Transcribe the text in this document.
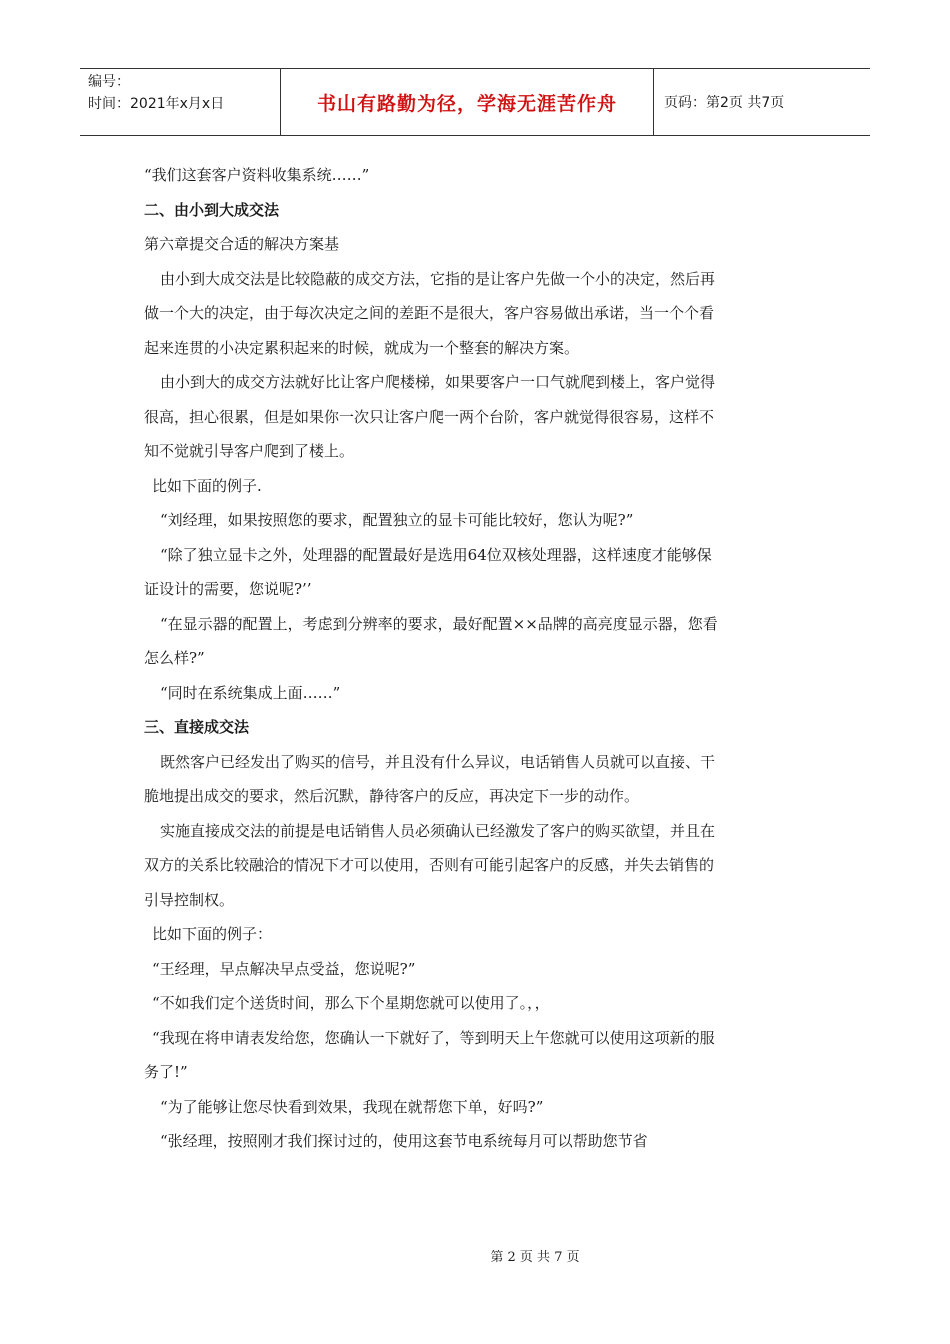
编号：
时间：2021年x月x日	书山有路勤为径，学海无涯苦作舟	页码：第2页 共7页

“我们这套客户资料收集系统……”

二、由小到大成交法

第六章提交合适的解决方案基

由小到大成交法是比较隐蔽的成交方法，它指的是让客户先做一个小的决定，然后再做一个大的决定，由于每次决定之间的差距不是很大，客户容易做出承诺，当一个个看起来连贯的小决定累积起来的时候，就成为一个整套的解决方案。

由小到大的成交方法就好比让客户爬楼梯，如果要客户一口气就爬到楼上，客户觉得很高，担心很累，但是如果你一次只让客户爬一两个台阶，客户就觉得很容易，这样不知不觉就引导客户爬到了楼上。

比如下面的例子.

“刘经理，如果按照您的要求，配置独立的显卡可能比较好，您认为呢?”

“除了独立显卡之外，处理器的配置最好是选用64位双核处理器，这样速度才能够保证设计的需要，您说呢?’’

“在显示器的配置上，考虑到分辨率的要求，最好配置××品牌的高亮度显示器，您看怎么样?”

“同时在系统集成上面……”

三、直接成交法

既然客户已经发出了购买的信号，并且没有什么异议，电话销售人员就可以直接、干脆地提出成交的要求，然后沉默，静待客户的反应，再决定下一步的动作。

实施直接成交法的前提是电话销售人员必须确认已经激发了客户的购买欲望，并且在双方的关系比较融洽的情况下才可以使用，否则有可能引起客户的反感，并失去销售的引导控制权。

比如下面的例子：

“王经理，早点解决早点受益，您说呢?”

“不如我们定个送货时间，那么下个星期您就可以使用了。，，

“我现在将申请表发给您，您确认一下就好了，等到明天上午您就可以使用这项新的服务了!”

“为了能够让您尽快看到效果，我现在就帮您下单，好吗?”

“张经理，按照刚才我们探讨过的，使用这套节电系统每月可以帮助您节省

第 2 页 共 7 页
